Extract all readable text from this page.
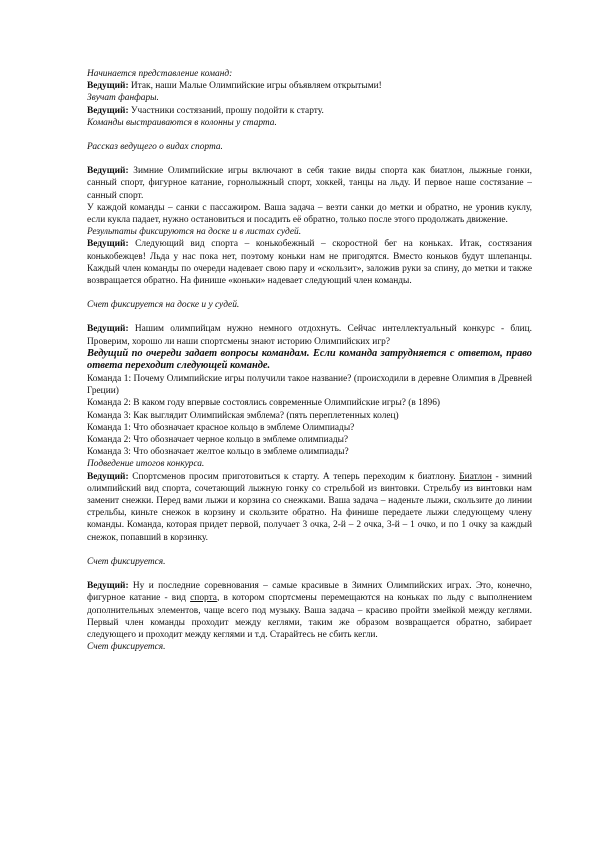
Начинается представление команд:

Ведущий: Итак, наши Малые Олимпийские игры объявляем открытыми!

Звучат фанфары.

Ведущий: Участники состязаний, прошу подойти к старту.

Команды выстраиваются в колонны у старта.

Рассказ ведущего о видах спорта.

Ведущий: Зимние Олимпийские игры включают в себя такие виды спорта как биатлон, лыжные гонки, санный спорт, фигурное катание, горнолыжный спорт, хоккей, танцы на льду. И первое наше состязание – санный спорт.

У каждой команды – санки с пассажиром. Ваша задача – везти санки до метки и обратно, не уронив куклу, если кукла падает, нужно остановиться и посадить её обратно, только после этого продолжать движение.

Результаты фиксируются на доске и в листах судей.

Ведущий: Следующий вид спорта – конькобежный – скоростной бег на коньках. Итак, состязания конькобежцев! Льда у нас пока нет, поэтому коньки нам не пригодятся. Вместо коньков будут шлепанцы. Каждый член команды по очереди надевает свою пару и «скользит», заложив руки за спину, до метки и также возвращается обратно. На финише «коньки» надевает следующий член команды.

Счет фиксируется на доске и у судей.

Ведущий: Нашим олимпийцам нужно немного отдохнуть. Сейчас интеллектуальный конкурс - блиц. Проверим, хорошо ли наши спортсмены знают историю Олимпийских игр?

Ведущий по очереди задает вопросы командам. Если команда затрудняется с ответом, право ответа переходит следующей команде.

Команда 1: Почему Олимпийские игры получили такое название? (происходили в деревне Олимпия в Древней Греции)

Команда 2: В каком году впервые состоялись современные Олимпийские игры? (в 1896)

Команда 3: Как выглядит Олимпийская эмблема? (пять переплетенных колец)

Команда 1: Что обозначает красное кольцо в эмблеме Олимпиады?

Команда 2: Что обозначает черное кольцо в эмблеме олимпиады?

Команда 3: Что обозначает желтое кольцо в эмблеме олимпиады?

Подведение итогов конкурса.

Ведущий: Спортсменов просим приготовиться к старту. А теперь переходим к биатлону. Биатлон - зимний олимпийский вид спорта, сочетающий лыжную гонку со стрельбой из винтовки. Стрельбу из винтовки нам заменит снежки. Перед вами лыжи и корзина со снежками. Ваша задача – наденьте лыжи, скользите до линии стрельбы, киньте снежок в корзину и скользите обратно. На финише передаете лыжи следующему члену команды. Команда, которая придет первой, получает 3 очка, 2-й – 2 очка, 3-й – 1 очко, и по 1 очку за каждый снежок, попавший в корзинку.

Счет фиксируется.

Ведущий: Ну и последние соревнования – самые красивые в Зимних Олимпийских играх. Это, конечно, фигурное катание - вид спорта, в котором спортсмены перемещаются на коньках по льду с выполнением дополнительных элементов, чаще всего под музыку. Ваша задача – красиво пройти змейкой между кеглями. Первый член команды проходит между кеглями, таким же образом возвращается обратно, забирает следующего и проходит между кеглями и т.д. Старайтесь не сбить кегли.

Счет фиксируется.
